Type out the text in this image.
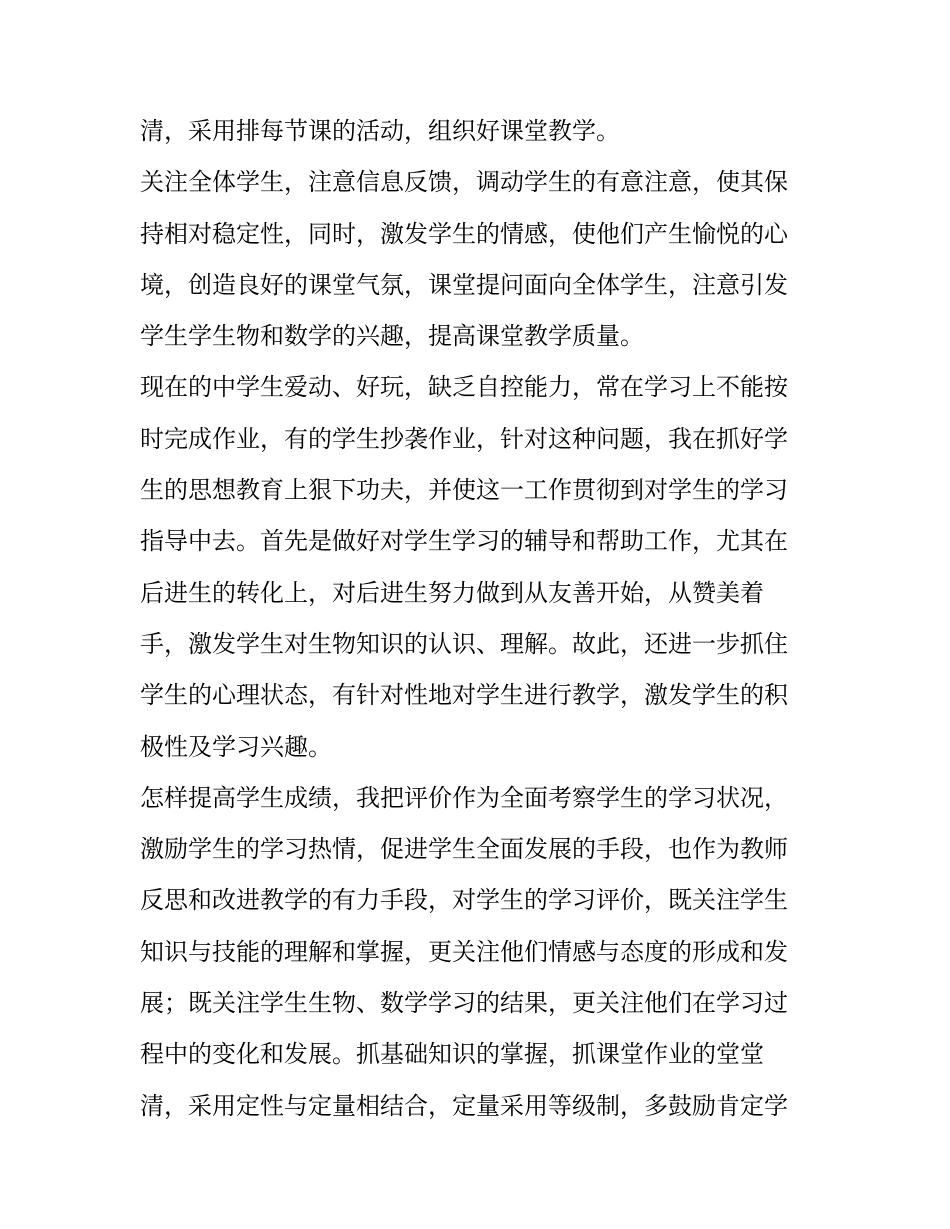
清，采用排每节课的活动，组织好课堂教学。
关注全体学生，注意信息反馈，调动学生的有意注意，使其保
持相对稳定性，同时，激发学生的情感，使他们产生愉悦的心
境，创造良好的课堂气氛，课堂提问面向全体学生，注意引发
学生学生物和数学的兴趣，提高课堂教学质量。
现在的中学生爱动、好玩，缺乏自控能力，常在学习上不能按
时完成作业，有的学生抄袭作业，针对这种问题，我在抓好学
生的思想教育上狠下功夫，并使这一工作贯彻到对学生的学习
指导中去。首先是做好对学生学习的辅导和帮助工作，尤其在
后进生的转化上，对后进生努力做到从友善开始，从赞美着
手，激发学生对生物知识的认识、理解。故此，还进一步抓住
学生的心理状态，有针对性地对学生进行教学，激发学生的积
极性及学习兴趣。
怎样提高学生成绩，我把评价作为全面考察学生的学习状况，
激励学生的学习热情，促进学生全面发展的手段，也作为教师
反思和改进教学的有力手段，对学生的学习评价，既关注学生
知识与技能的理解和掌握，更关注他们情感与态度的形成和发
展；既关注学生生物、数学学习的结果，更关注他们在学习过
程中的变化和发展。抓基础知识的掌握，抓课堂作业的堂堂
清，采用定性与定量相结合，定量采用等级制，多鼓励肯定学
